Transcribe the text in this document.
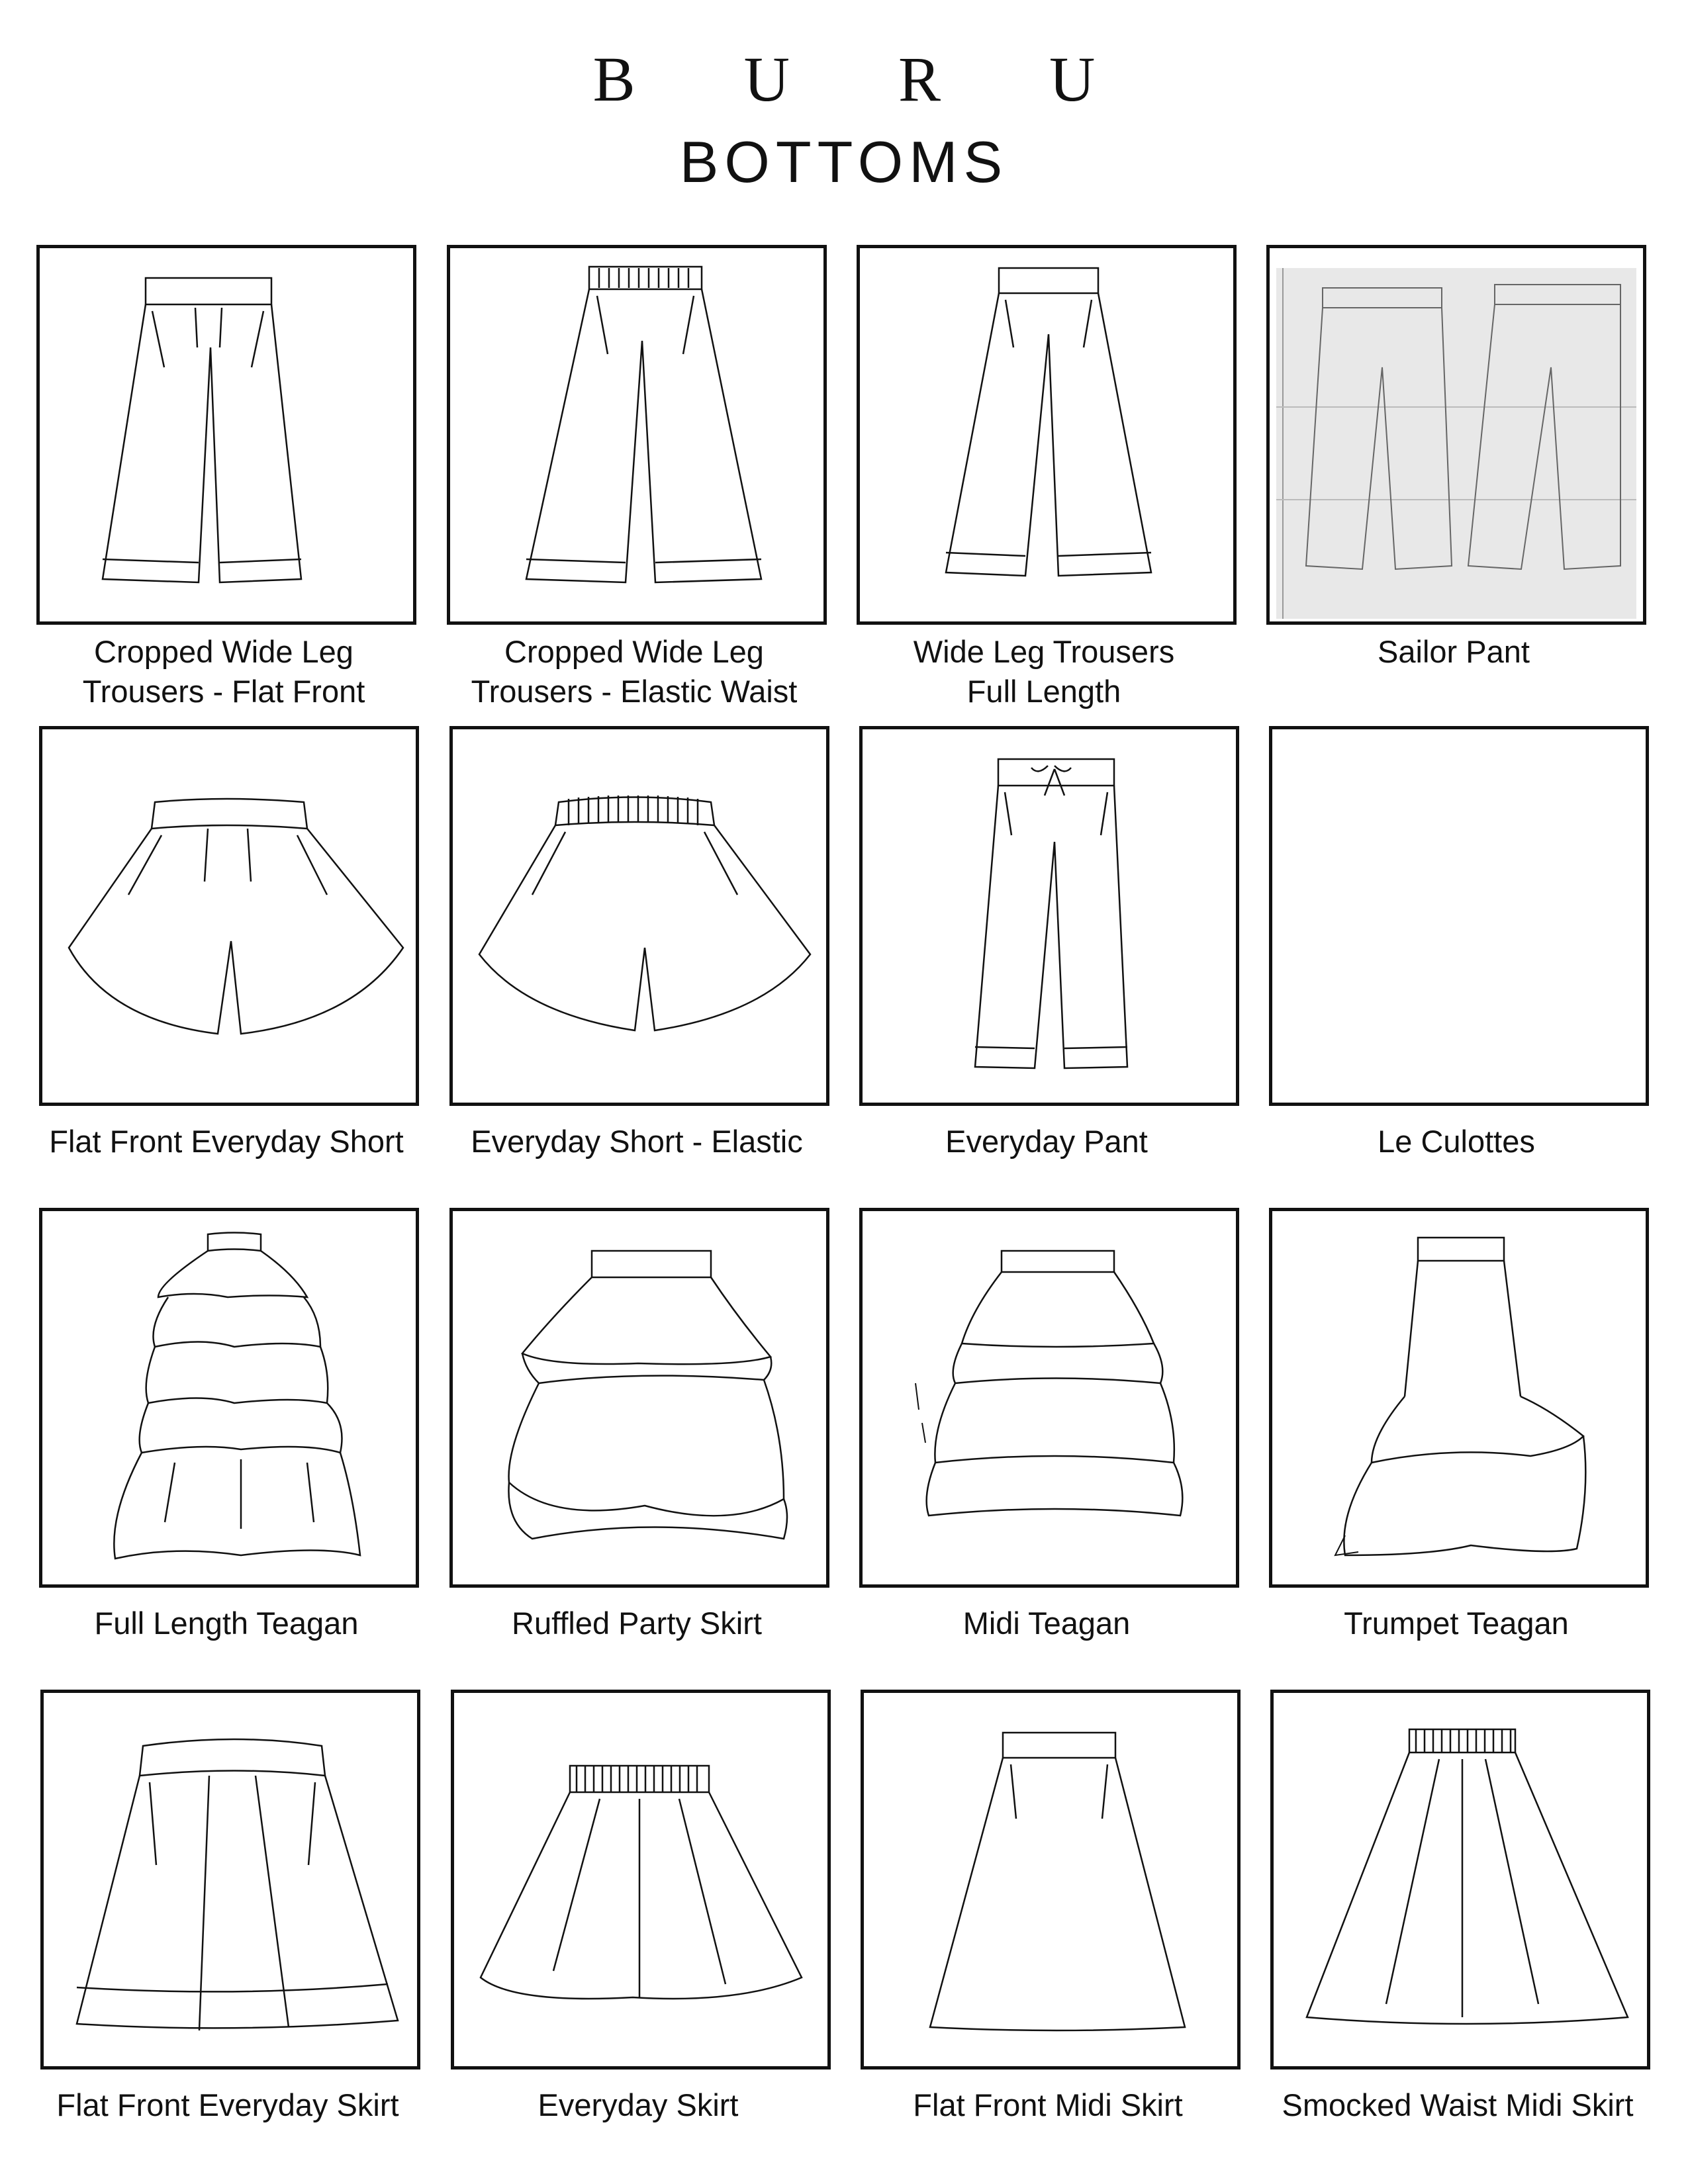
B U R U
BOTTOMS
Cropped Wide Leg
Trousers - Flat Front
Cropped Wide Leg
Trousers - Elastic Waist
Wide Leg Trousers
Full Length
Sailor Pant
Flat Front Everyday Short	Everyday Short - Elastic	Everyday Pant	Le Culottes
Full Length Teagan	Ruffled Party Skirt	Midi Teagan	Trumpet Teagan
Flat Front Everyday Skirt	Everyday Skirt	Flat Front Midi Skirt	Smocked Waist Midi Skirt
